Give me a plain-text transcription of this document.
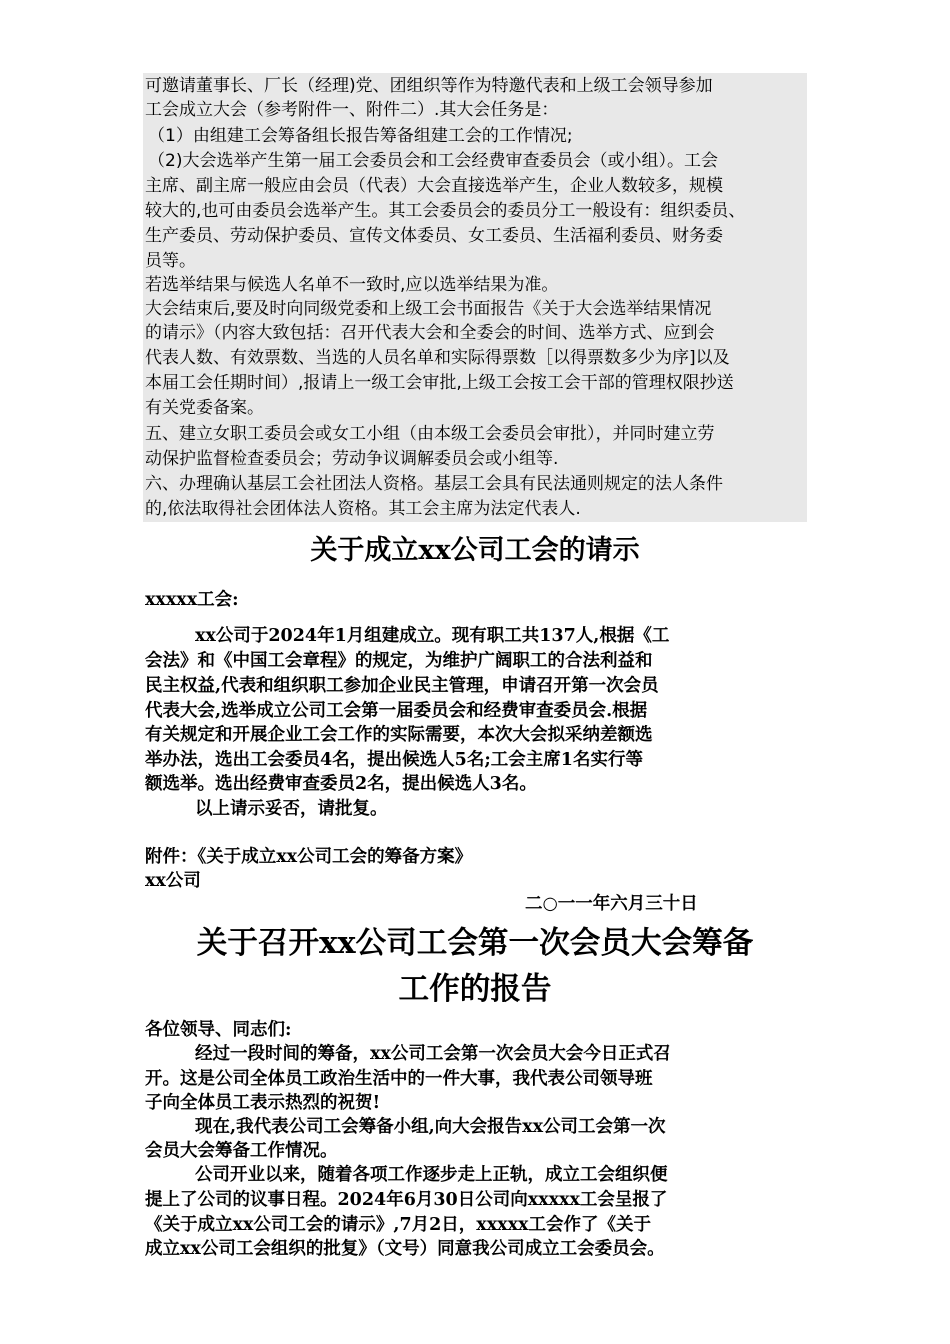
可邀请董事长、厂长（经理)党、团组织等作为特邀代表和上级工会领导参加
工会成立大会（参考附件一、附件二）.其大会任务是：
（1）由组建工会筹备组长报告筹备组建工会的工作情况;
（2)大会选举产生第一届工会委员会和工会经费审查委员会（或小组）。工会
主席、副主席一般应由会员（代表）大会直接选举产生，企业人数较多，规模
较大的,也可由委员会选举产生。其工会委员会的委员分工一般设有：组织委员、
生产委员、劳动保护委员、宣传文体委员、女工委员、生活福利委员、财务委
员等。
若选举结果与候选人名单不一致时,应以选举结果为准。
大会结束后,要及时向同级党委和上级工会书面报告《关于大会选举结果情况
的请示》（内容大致包括：召开代表大会和全委会的时间、选举方式、应到会
代表人数、有效票数、当选的人员名单和实际得票数［以得票数多少为序]以及
本届工会任期时间）,报请上一级工会审批,上级工会按工会干部的管理权限抄送
有关党委备案。
五、建立女职工委员会或女工小组（由本级工会委员会审批），并同时建立劳
动保护监督检查委员会；劳动争议调解委员会或小组等.
六、办理确认基层工会社团法人资格。基层工会具有民法通则规定的法人条件
的,依法取得社会团体法人资格。其工会主席为法定代表人.
关于成立xx公司工会的请示
xxxxx工会:
xx公司于2024年1月组建成立。现有职工共137人,根据《工
会法》和《中国工会章程》的规定，为维护广阔职工的合法利益和
民主权益,代表和组织职工参加企业民主管理，申请召开第一次会员
代表大会,选举成立公司工会第一届委员会和经费审查委员会.根据
有关规定和开展企业工会工作的实际需要，本次大会拟采纳差额选
举办法，选出工会委员4名，提出候选人5名;工会主席1名实行等
额选举。选出经费审查委员2名，提出候选人3名。
以上请示妥否，请批复。
附件：《关于成立xx公司工会的筹备方案》
xx公司
二○一一年六月三十日
关于召开xx公司工会第一次会员大会筹备
工作的报告
各位领导、同志们:
经过一段时间的筹备，xx公司工会第一次会员大会今日正式召
开。这是公司全体员工政治生活中的一件大事，我代表公司领导班
子向全体员工表示热烈的祝贺!
现在,我代表公司工会筹备小组,向大会报告xx公司工会第一次
会员大会筹备工作情况。
公司开业以来，随着各项工作逐步走上正轨，成立工会组织便
提上了公司的议事日程。2024年6月30日公司向xxxxx工会呈报了
《关于成立xx公司工会的请示》,7月2日，xxxxx工会作了《关于
成立xx公司工会组织的批复》（文号）同意我公司成立工会委员会。
